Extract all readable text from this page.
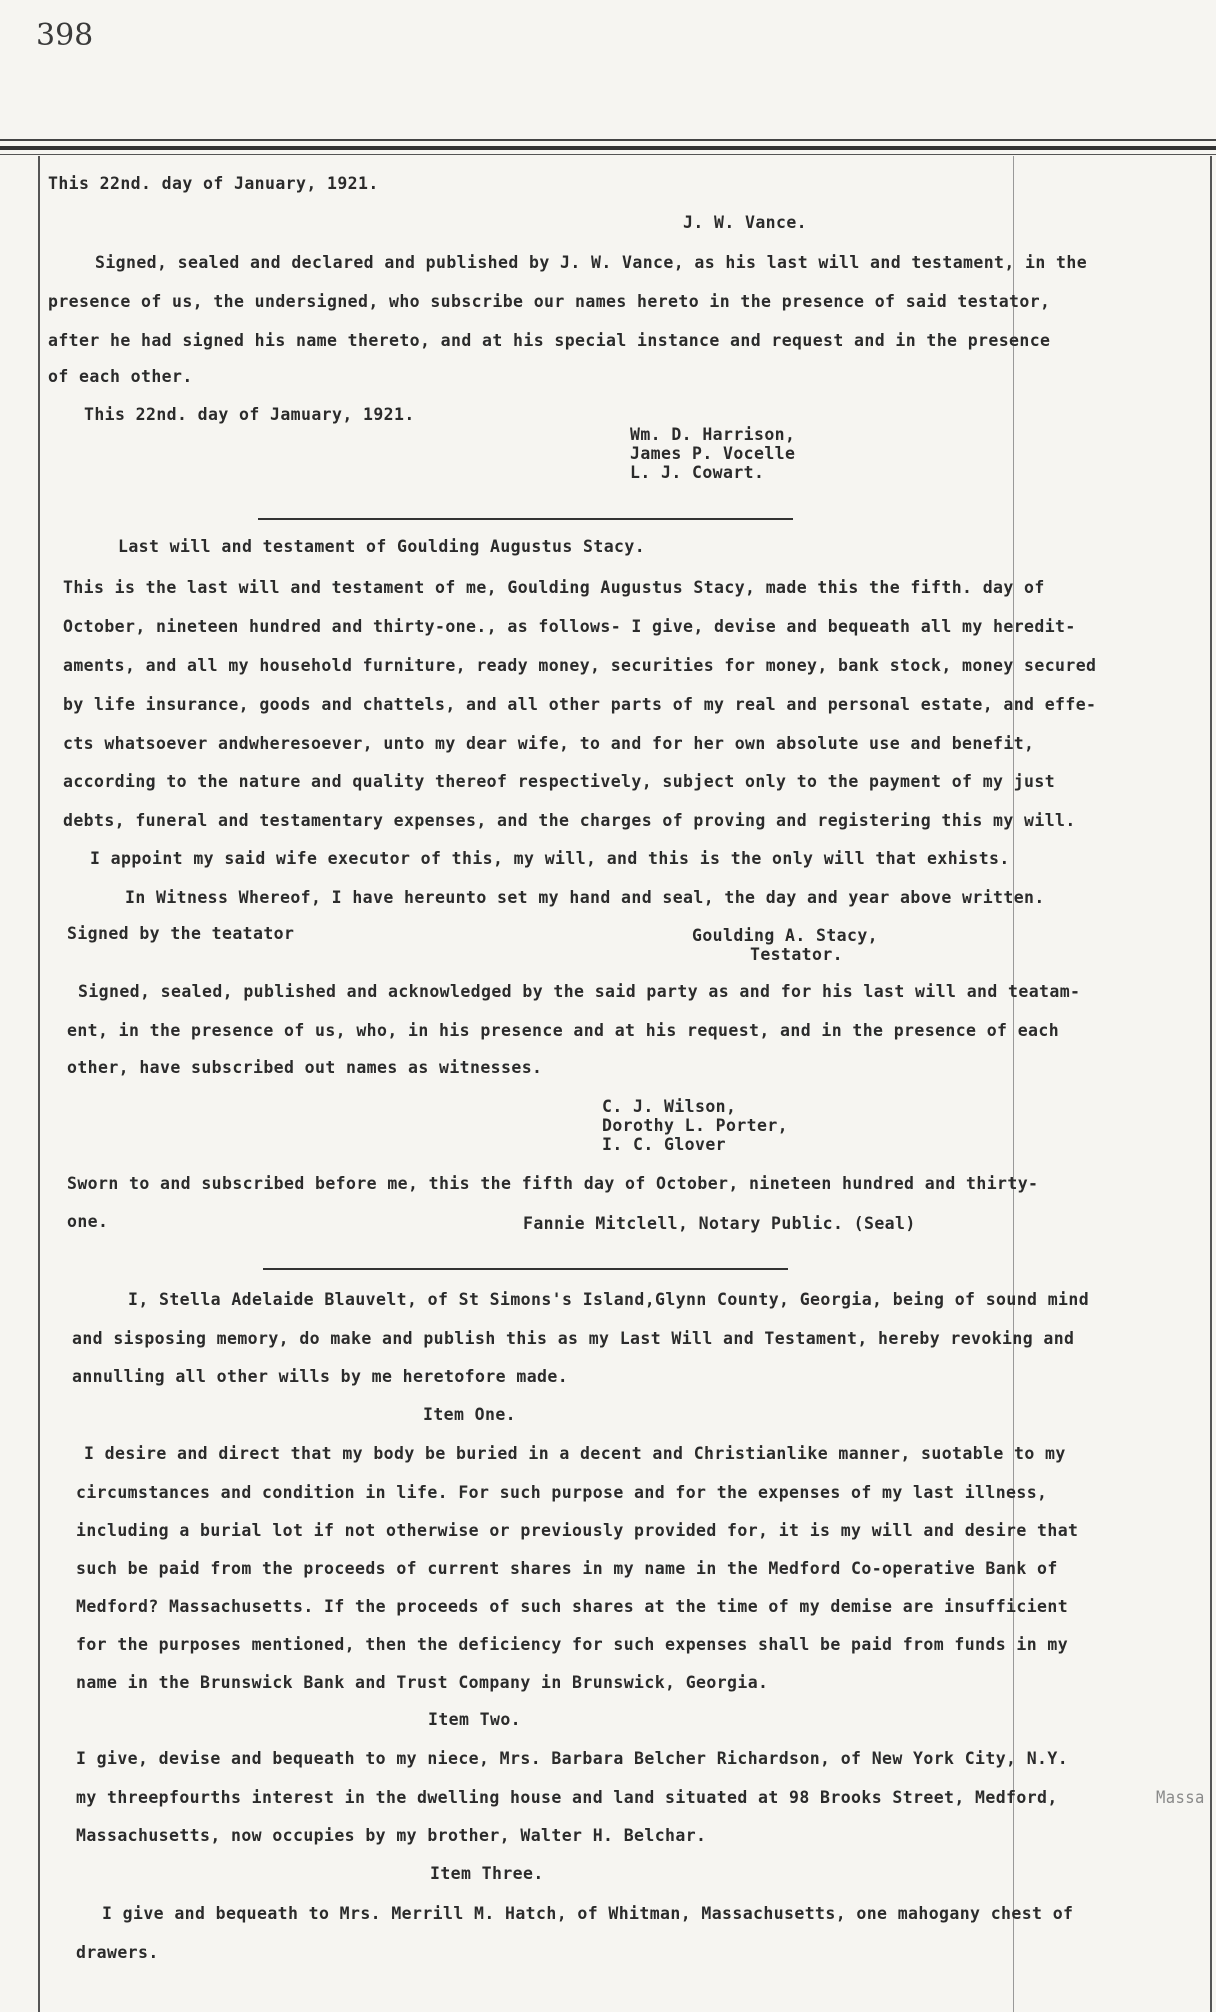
398
This 22nd. day of January, 1921.
J. W. Vance.
Signed, sealed and declared and published by J. W. Vance, as his last will and testament, in the
presence of us, the undersigned, who subscribe our names hereto in the presence of said testator,
after he had signed his name thereto, and at his special instance and request and in the presence
of each other.
This 22nd. day of Jamuary, 1921.
Wm. D. Harrison,
James P. Vocelle
L. J. Cowart.
Last will and testament of Goulding Augustus Stacy.
This is the last will and testament of me, Goulding Augustus Stacy, made this the fifth. day of
October, nineteen hundred and thirty-one., as follows- I give, devise and bequeath all my heredit-
aments, and all my household furniture, ready money, securities for money, bank stock, money secured
by life insurance, goods and chattels, and all other parts of my real and personal estate, and effe-
cts whatsoever andwheresoever, unto my dear wife, to and for her own absolute use and benefit,
according to the nature and quality thereof respectively, subject only to the payment of my just
debts, funeral and testamentary expenses, and the charges of proving and registering this my will.
I appoint my said wife executor of this, my will, and this is the only will that exhists.
In Witness Whereof, I have hereunto set my hand and seal, the day and year above written.
Signed by the teatator	Goulding A. Stacy,
Testator.
Signed, sealed, published and acknowledged by the said party as and for his last will and teatam-
ent, in the presence of us, who, in his presence and at his request, and in the presence of each
other, have subscribed out names as witnesses.
C. J. Wilson,
Dorothy L. Porter,
I. C. Glover
Sworn to and subscribed before me, this the fifth day of October, nineteen hundred and thirty-
one.	Fannie Mitclell, Notary Public. (Seal)
I, Stella Adelaide Blauvelt, of St Simons's Island,Glynn County, Georgia, being of sound mind
and sisposing memory, do make and publish this as my Last Will and Testament, hereby revoking and
annulling all other wills by me heretofore made.
Item One.
I desire and direct that my body be buried in a decent and Christianlike manner, suotable to my
circumstances and condition in life. For such purpose and for the expenses of my last illness,
including a burial lot if not otherwise or previously provided for, it is my will and desire that
such be paid from the proceeds of current shares in my name in the Medford Co-operative Bank of
Medford? Massachusetts. If the proceeds of such shares at the time of my demise are insufficient
for the purposes mentioned, then the deficiency for such expenses shall be paid from funds in my
name in the Brunswick Bank and Trust Company in Brunswick, Georgia.
Item Two.
I give, devise and bequeath to my niece, Mrs. Barbara Belcher Richardson, of New York City, N.Y.
my threepfourths interest in the dwelling house and land situated at 98 Brooks Street, Medford,	Massa
Massachusetts, now occupies by my brother, Walter H. Belchar.
Item Three.
I give and bequeath to Mrs. Merrill M. Hatch, of Whitman, Massachusetts, one mahogany chest of
drawers.
